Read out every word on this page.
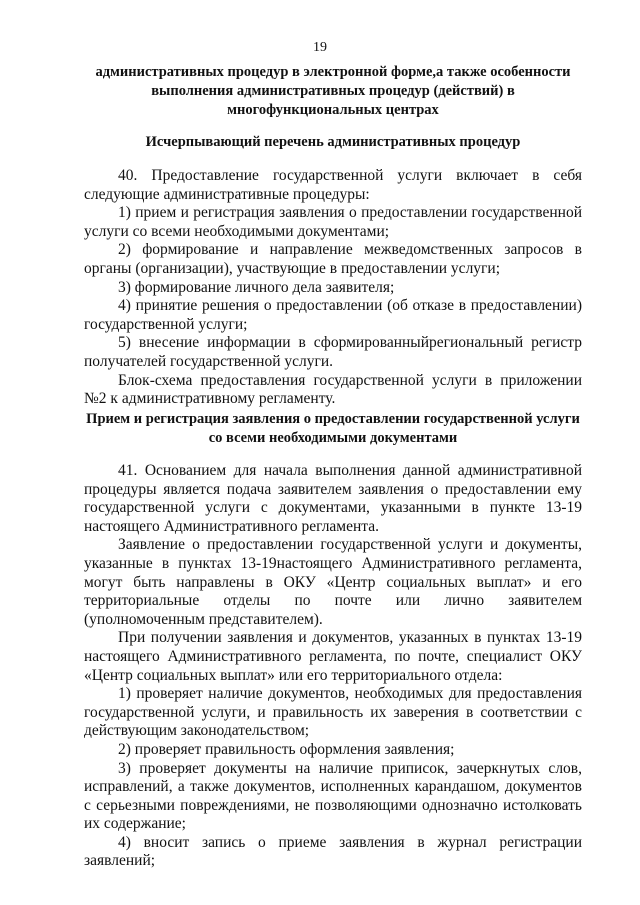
19
административных процедур в электронной форме,а также особенности выполнения административных процедур (действий) в многофункциональных центрах
Исчерпывающий перечень административных процедур

40. Предоставление государственной услуги включает в себя следующие административные процедуры:

1) прием и регистрация заявления о предоставлении государственной услуги со всеми необходимыми документами;

2) формирование и направление межведомственных запросов в органы (организации), участвующие в предоставлении услуги;

3) формирование личного дела заявителя;

4) принятие решения о предоставлении (об отказе в предоставлении) государственной услуги;

5) внесение информации в сформированныйрегиональный регистр получателей государственной услуги.

Блок-схема предоставления государственной услуги в приложении №2 к административному регламенту.

Прием и регистрация заявления о предоставлении государственной услуги со всеми необходимыми документами

41. Основанием для начала выполнения данной административной процедуры является подача заявителем заявления о предоставлении ему государственной услуги с документами, указанными в пункте 13-19 настоящего Административного регламента.

Заявление о предоставлении государственной услуги и документы, указанные в пунктах 13-19настоящего Административного регламента, могут быть направлены в ОКУ «Центр социальных выплат» и его территориальные отделы по почте или лично заявителем (уполномоченным представителем).

При получении заявления и документов, указанных в пунктах 13-19 настоящего Административного регламента, по почте, специалист ОКУ «Центр социальных выплат» или его территориального отдела:

1) проверяет наличие документов, необходимых для предоставления государственной услуги, и правильность их заверения в соответствии с действующим законодательством;

2) проверяет правильность оформления заявления;

3) проверяет документы на наличие приписок, зачеркнутых слов, исправлений, а также документов, исполненных карандашом, документов с серьезными повреждениями, не позволяющими однозначно истолковать их содержание;

4) вносит запись о приеме заявления в журнал регистрации заявлений;
